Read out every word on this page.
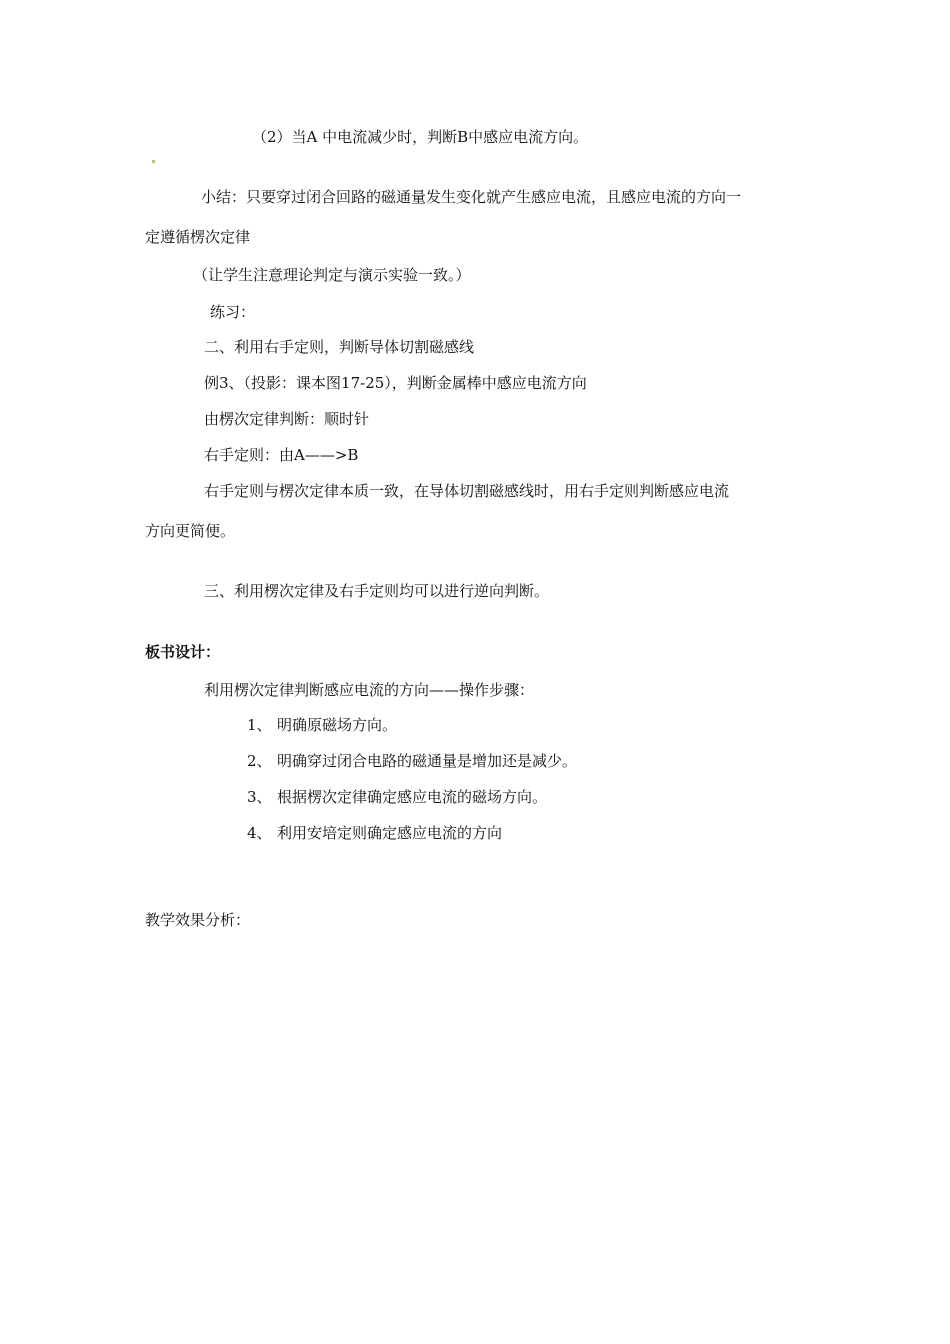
（2）当A 中电流减少时，判断B中感应电流方向。
小结：只要穿过闭合回路的磁通量发生变化就产生感应电流，且感应电流的方向一
定遵循楞次定律
（让学生注意理论判定与演示实验一致。）
练习：
二、利用右手定则，判断导体切割磁感线
例3、（投影：课本图17-25），判断金属棒中感应电流方向
由楞次定律判断：顺时针
右手定则：由A——>B
右手定则与楞次定律本质一致，在导体切割磁感线时，用右手定则判断感应电流
方向更简便。
三、利用楞次定律及右手定则均可以进行逆向判断。
板书设计：
利用楞次定律判断感应电流的方向——操作步骤：
1、 明确原磁场方向。
2、 明确穿过闭合电路的磁通量是增加还是减少。
3、 根据楞次定律确定感应电流的磁场方向。
4、 利用安培定则确定感应电流的方向
教学效果分析：
